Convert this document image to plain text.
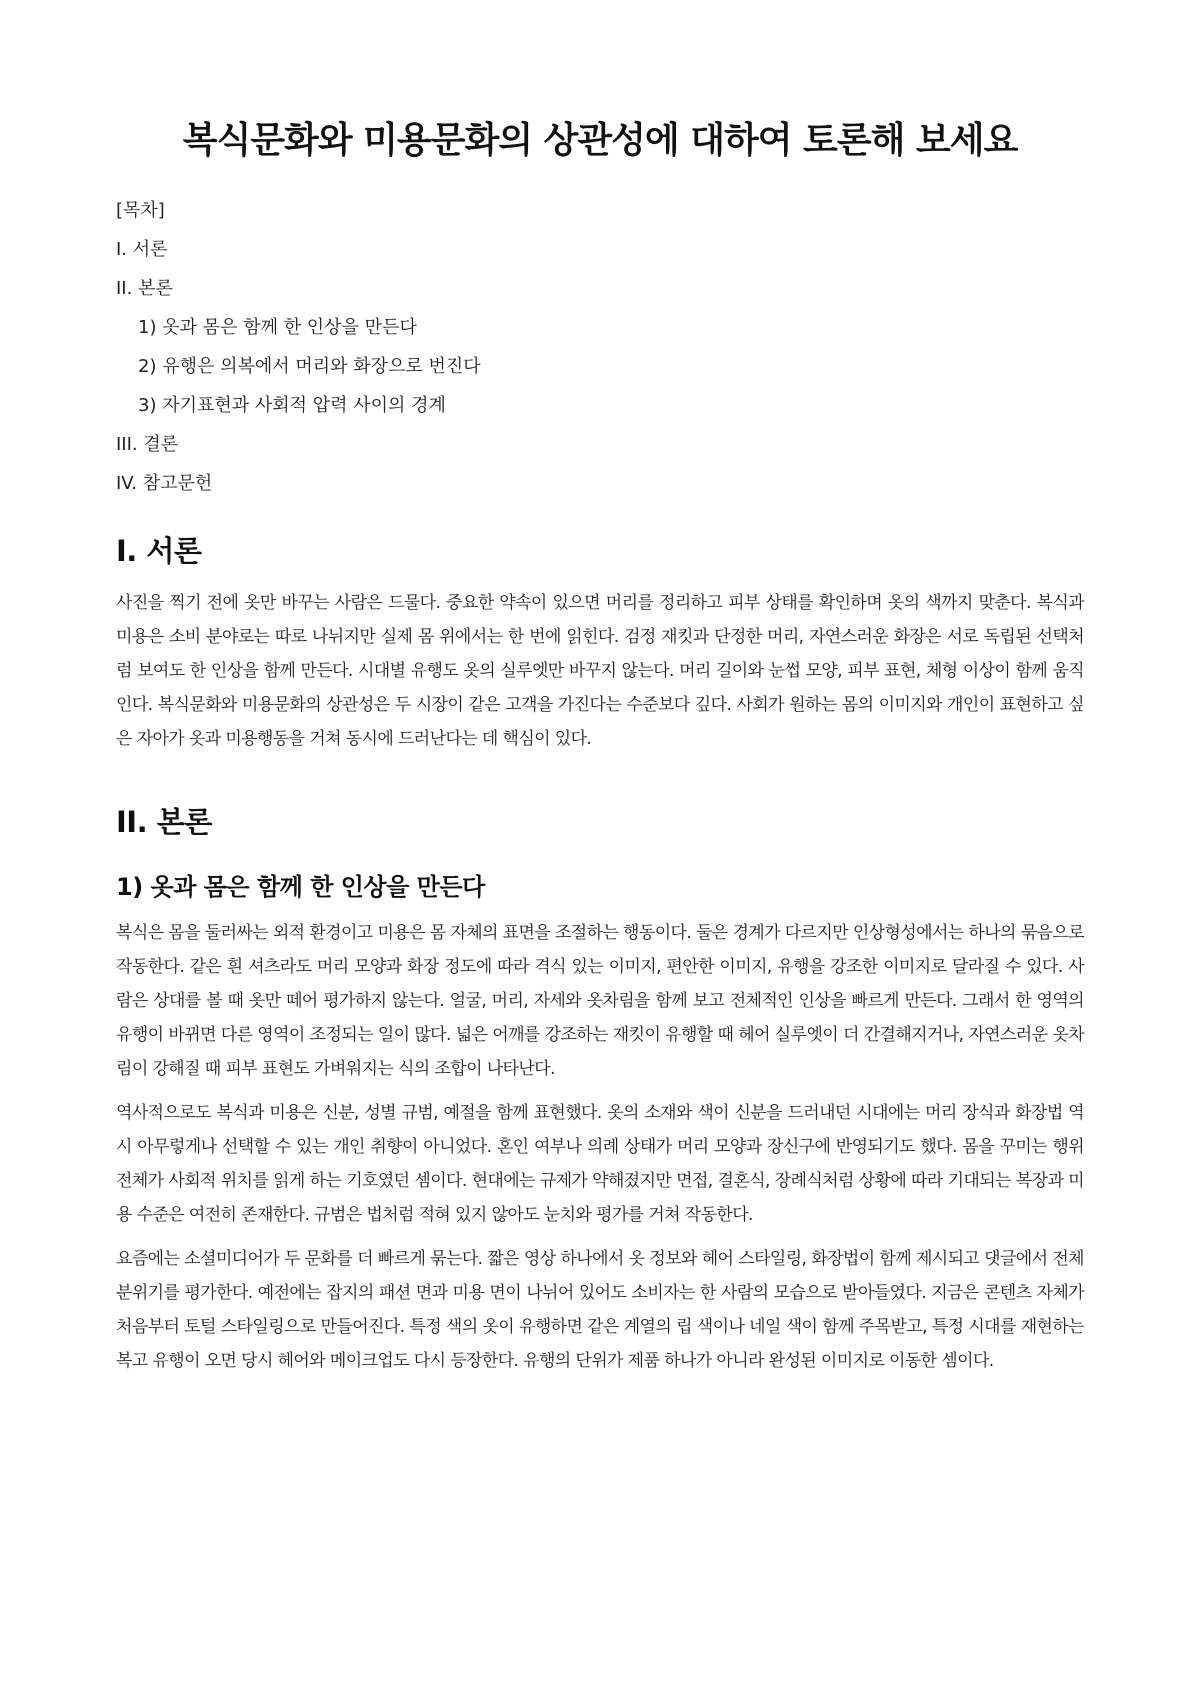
복식문화와 미용문화의 상관성에 대하여 토론해 보세요
[목차]
I. 서론
II. 본론
1) 옷과 몸은 함께 한 인상을 만든다
2) 유행은 의복에서 머리와 화장으로 번진다
3) 자기표현과 사회적 압력 사이의 경계
III. 결론
IV. 참고문헌
I. 서론

사진을 찍기 전에 옷만 바꾸는 사람은 드물다. 중요한 약속이 있으면 머리를 정리하고 피부 상태를 확인하며 옷의 색까지 맞춘다. 복식과 미용은 소비 분야로는 따로 나뉘지만 실제 몸 위에서는 한 번에 읽힌다. 검정 재킷과 단정한 머리, 자연스러운 화장은 서로 독립된 선택처럼 보여도 한 인상을 함께 만든다. 시대별 유행도 옷의 실루엣만 바꾸지 않는다. 머리 길이와 눈썹 모양, 피부 표현, 체형 이상이 함께 움직인다. 복식문화와 미용문화의 상관성은 두 시장이 같은 고객을 가진다는 수준보다 깊다. 사회가 원하는 몸의 이미지와 개인이 표현하고 싶은 자아가 옷과 미용행동을 거쳐 동시에 드러난다는 데 핵심이 있다.

II. 본론
1) 옷과 몸은 함께 한 인상을 만든다

복식은 몸을 둘러싸는 외적 환경이고 미용은 몸 자체의 표면을 조절하는 행동이다. 둘은 경계가 다르지만 인상형성에서는 하나의 묶음으로 작동한다. 같은 흰 셔츠라도 머리 모양과 화장 정도에 따라 격식 있는 이미지, 편안한 이미지, 유행을 강조한 이미지로 달라질 수 있다. 사람은 상대를 볼 때 옷만 떼어 평가하지 않는다. 얼굴, 머리, 자세와 옷차림을 함께 보고 전체적인 인상을 빠르게 만든다. 그래서 한 영역의 유행이 바뀌면 다른 영역이 조정되는 일이 많다. 넓은 어깨를 강조하는 재킷이 유행할 때 헤어 실루엣이 더 간결해지거나, 자연스러운 옷차림이 강해질 때 피부 표현도 가벼워지는 식의 조합이 나타난다.

역사적으로도 복식과 미용은 신분, 성별 규범, 예절을 함께 표현했다. 옷의 소재와 색이 신분을 드러내던 시대에는 머리 장식과 화장법 역시 아무렇게나 선택할 수 있는 개인 취향이 아니었다. 혼인 여부나 의례 상태가 머리 모양과 장신구에 반영되기도 했다. 몸을 꾸미는 행위 전체가 사회적 위치를 읽게 하는 기호였던 셈이다. 현대에는 규제가 약해졌지만 면접, 결혼식, 장례식처럼 상황에 따라 기대되는 복장과 미용 수준은 여전히 존재한다. 규범은 법처럼 적혀 있지 않아도 눈치와 평가를 거쳐 작동한다.

요즘에는 소셜미디어가 두 문화를 더 빠르게 묶는다. 짧은 영상 하나에서 옷 정보와 헤어 스타일링, 화장법이 함께 제시되고 댓글에서 전체 분위기를 평가한다. 예전에는 잡지의 패션 면과 미용 면이 나뉘어 있어도 소비자는 한 사람의 모습으로 받아들였다. 지금은 콘텐츠 자체가 처음부터 토털 스타일링으로 만들어진다. 특정 색의 옷이 유행하면 같은 계열의 립 색이나 네일 색이 함께 주목받고, 특정 시대를 재현하는 복고 유행이 오면 당시 헤어와 메이크업도 다시 등장한다. 유행의 단위가 제품 하나가 아니라 완성된 이미지로 이동한 셈이다.
